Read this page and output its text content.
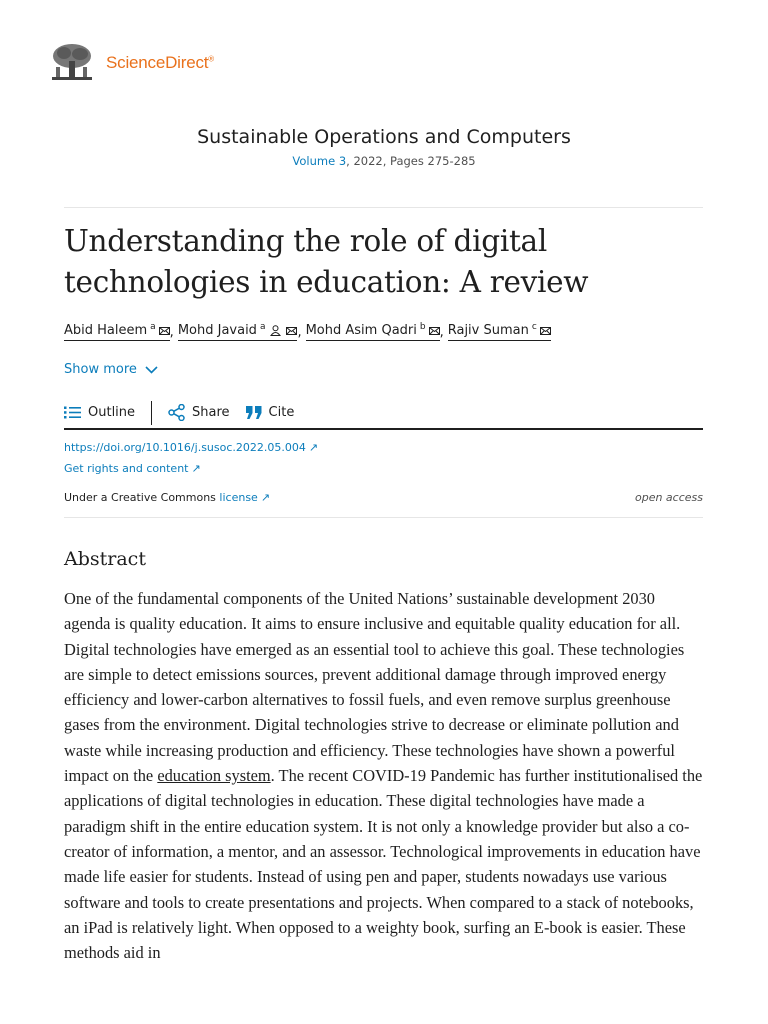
ScienceDirect®
Sustainable Operations and Computers
Volume 3, 2022, Pages 275-285
Understanding the role of digital technologies in education: A review
Abid Haleem $^a$ , Mohd Javaid $^a$ , Mohd Asim Qadri $^b$ , Rajiv Suman $^c$
Show more
Outline	Share	Cite
https://doi.org/10.1016/j.susoc.2022.05.004 ↗
Get rights and content ↗
Under a Creative Commons license ↗	open access
Abstract
One of the fundamental components of the United Nations’ sustainable development 2030 agenda is quality education. It aims to ensure inclusive and equitable quality education for all. Digital technologies have emerged as an essential tool to achieve this goal. These technologies are simple to detect emissions sources, prevent additional damage through improved energy efficiency and lower-carbon alternatives to fossil fuels, and even remove surplus greenhouse gases from the environment. Digital technologies strive to decrease or eliminate pollution and waste while increasing production and efficiency. These technologies have shown a powerful impact on the education system. The recent COVID-19 Pandemic has further institutionalised the applications of digital technologies in education. These digital technologies have made a paradigm shift in the entire education system. It is not only a knowledge provider but also a co-creator of information, a mentor, and an assessor. Technological improvements in education have made life easier for students. Instead of using pen and paper, students nowadays use various software and tools to create presentations and projects. When compared to a stack of notebooks, an iPad is relatively light. When opposed to a weighty book, surfing an E-book is easier. These methods aid in
